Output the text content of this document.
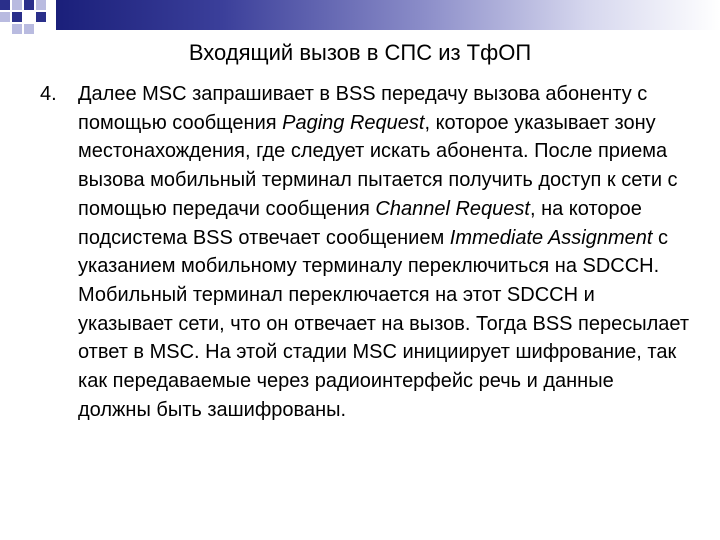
Входящий вызов в СПС из ТфОП
4.	Далее MSC запрашивает в BSS передачу вызова абоненту с помощью сообщения Paging Request, которое указывает зону местонахождения, где следует искать абонента. После приема вызова мобильный терминал пытается получить доступ к сети с помощью передачи сообщения Channel Request, на которое подсистема BSS отвечает сообщением Immediate Assignment с указанием мобильному терминалу переключиться на SDCCH. Мобильный терминал переключается на этот SDCCH и указывает сети, что он отвечает на вызов. Тогда BSS пересылает ответ в MSC. На этой стадии MSC инициирует шифрование, так как передаваемые через радиоинтерфейс речь и данные должны быть зашифрованы.
